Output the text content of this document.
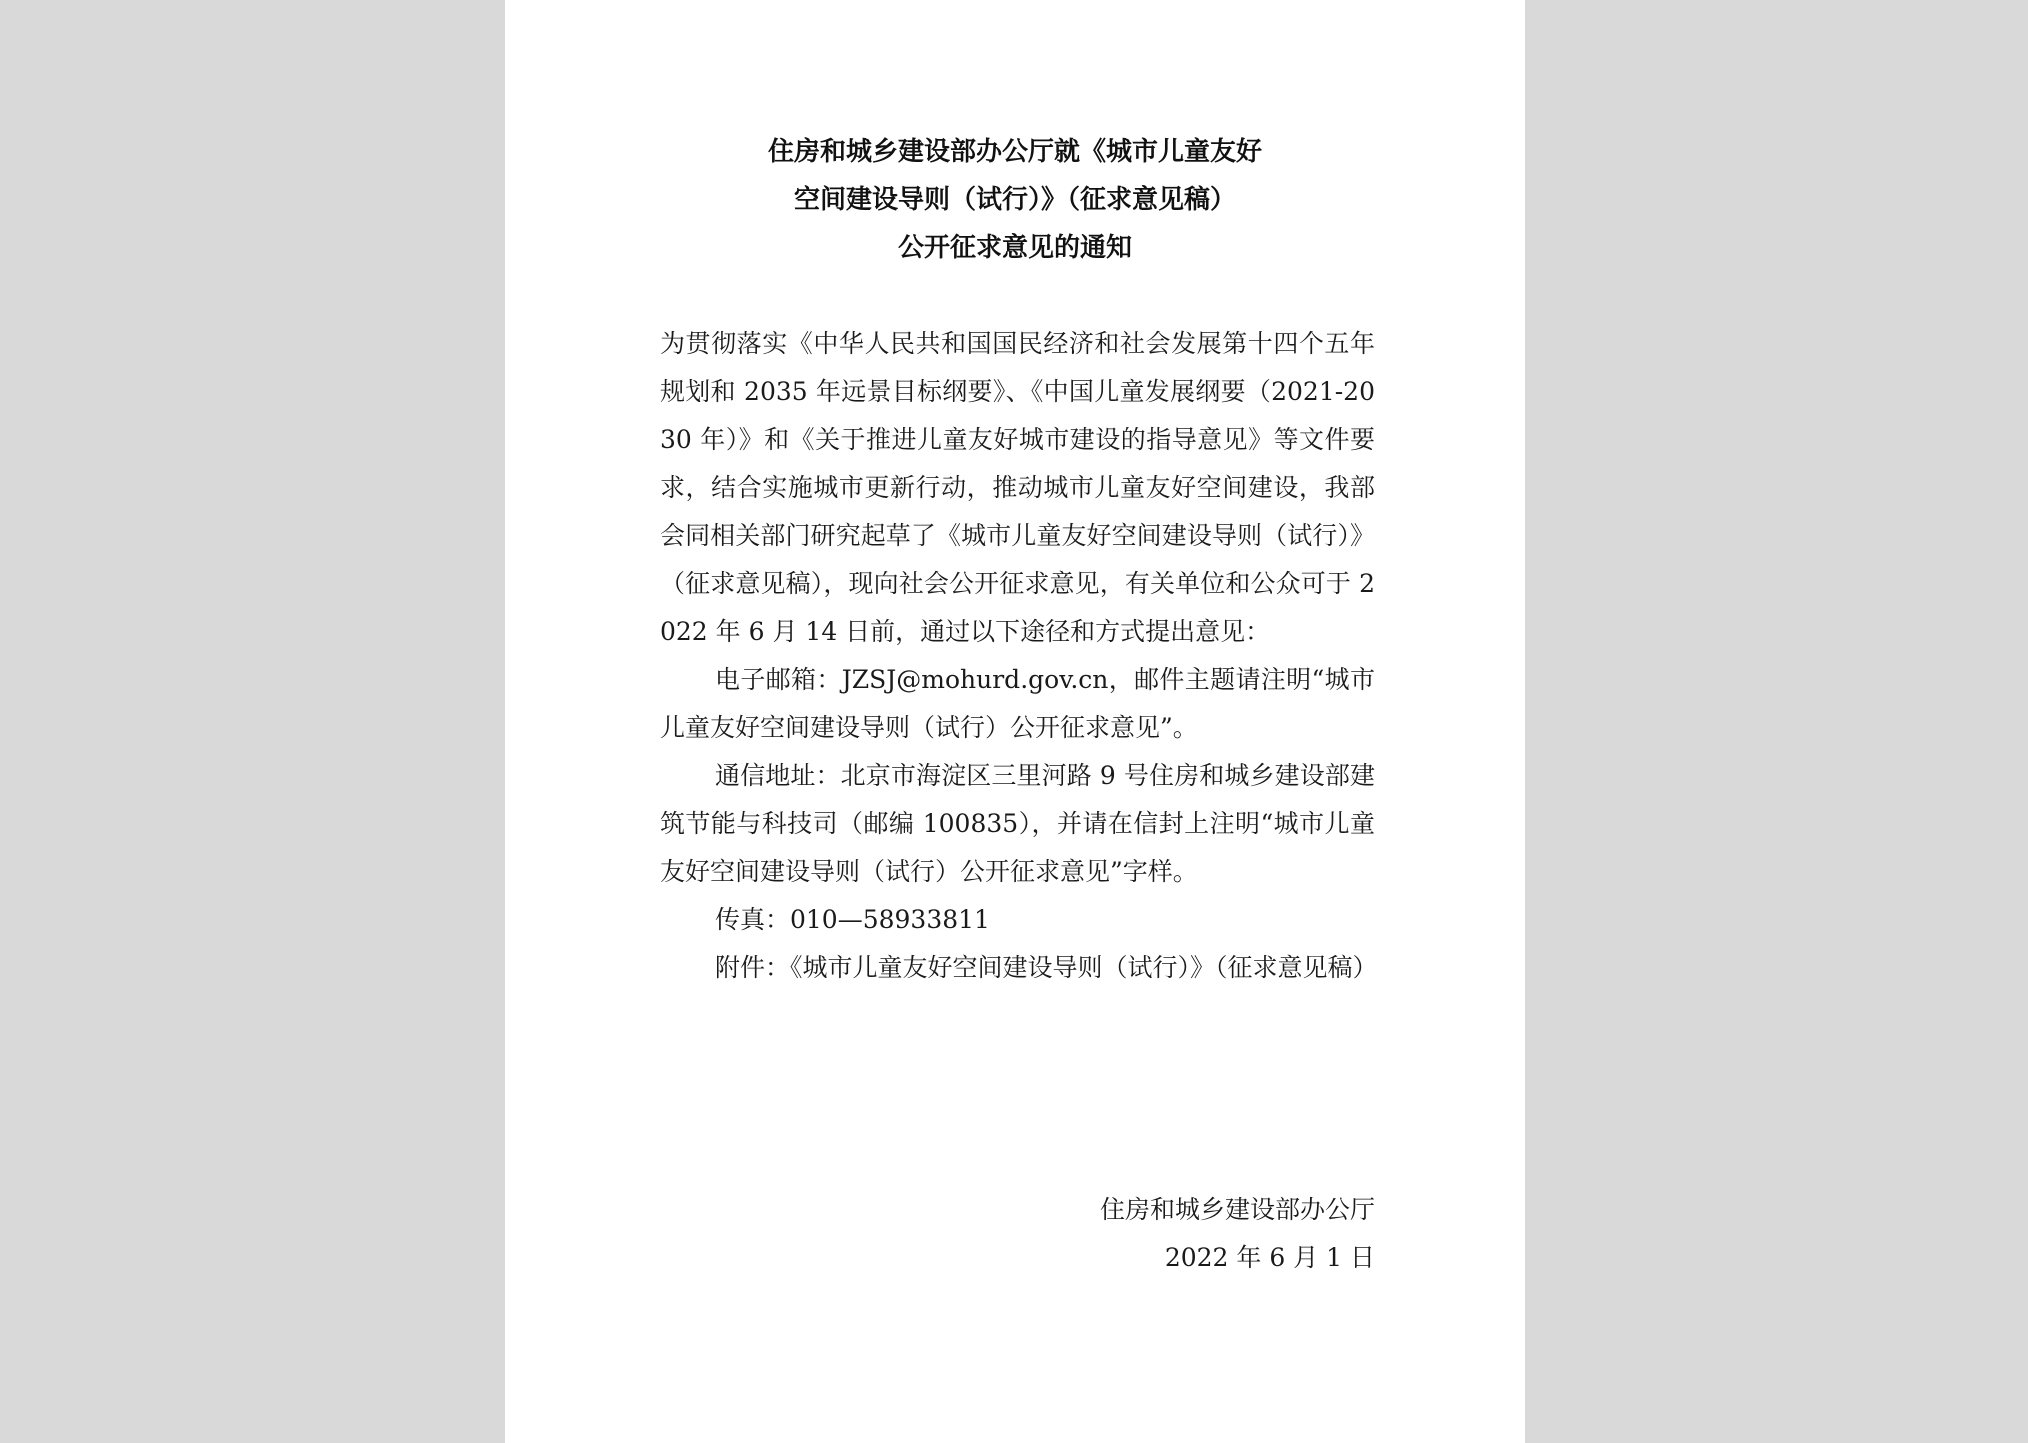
住房和城乡建设部办公厅就《城市儿童友好
空间建设导则（试行）》（征求意见稿）
公开征求意见的通知

为贯彻落实《中华人民共和国国民经济和社会发展第十四个五年规划和 2035 年远景目标纲要》、《中国儿童发展纲要（2021-2030 年）》和《关于推进儿童友好城市建设的指导意见》等文件要求，结合实施城市更新行动，推动城市儿童友好空间建设，我部会同相关部门研究起草了《城市儿童友好空间建设导则（试行）》（征求意见稿），现向社会公开征求意见，有关单位和公众可于 2022 年 6 月 14 日前，通过以下途径和方式提出意见：

电子邮箱：JZSJ@mohurd.gov.cn，邮件主题请注明“城市儿童友好空间建设导则（试行）公开征求意见”。

通信地址：北京市海淀区三里河路 9 号住房和城乡建设部建筑节能与科技司（邮编 100835），并请在信封上注明“城市儿童友好空间建设导则（试行）公开征求意见”字样。

传真：010—58933811

附件：《城市儿童友好空间建设导则（试行）》（征求意见稿）

住房和城乡建设部办公厅
2022 年 6 月 1 日
